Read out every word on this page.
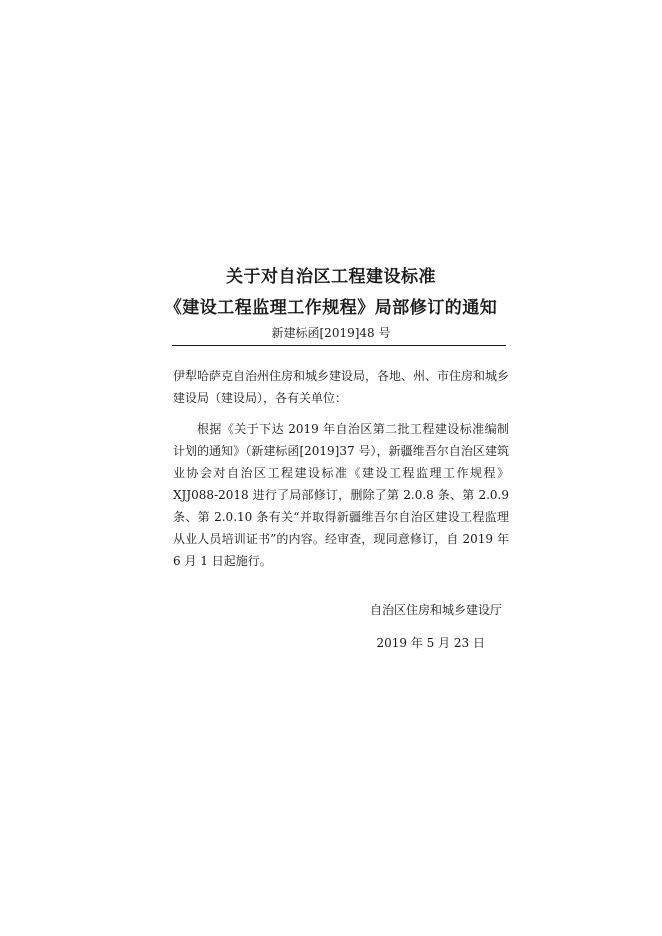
关于对自治区工程建设标准
《建设工程监理工作规程》局部修订的通知
新建标函[2019]48 号
伊犁哈萨克自治州住房和城乡建设局，各地、州、市住房和城乡建设局（建设局），各有关单位：
根据《关于下达 2019 年自治区第二批工程建设标准编制计划的通知》（新建标函[2019]37 号），新疆维吾尔自治区建筑业协会对自治区工程建设标准《建设工程监理工作规程》XJJ088-2018 进行了局部修订，删除了第 2.0.8 条、第 2.0.9 条、第 2.0.10 条有关“并取得新疆维吾尔自治区建设工程监理从业人员培训证书”的内容。经审查，现同意修订，自 2019 年 6 月 1 日起施行。
自治区住房和城乡建设厅
2019 年 5 月 23 日
